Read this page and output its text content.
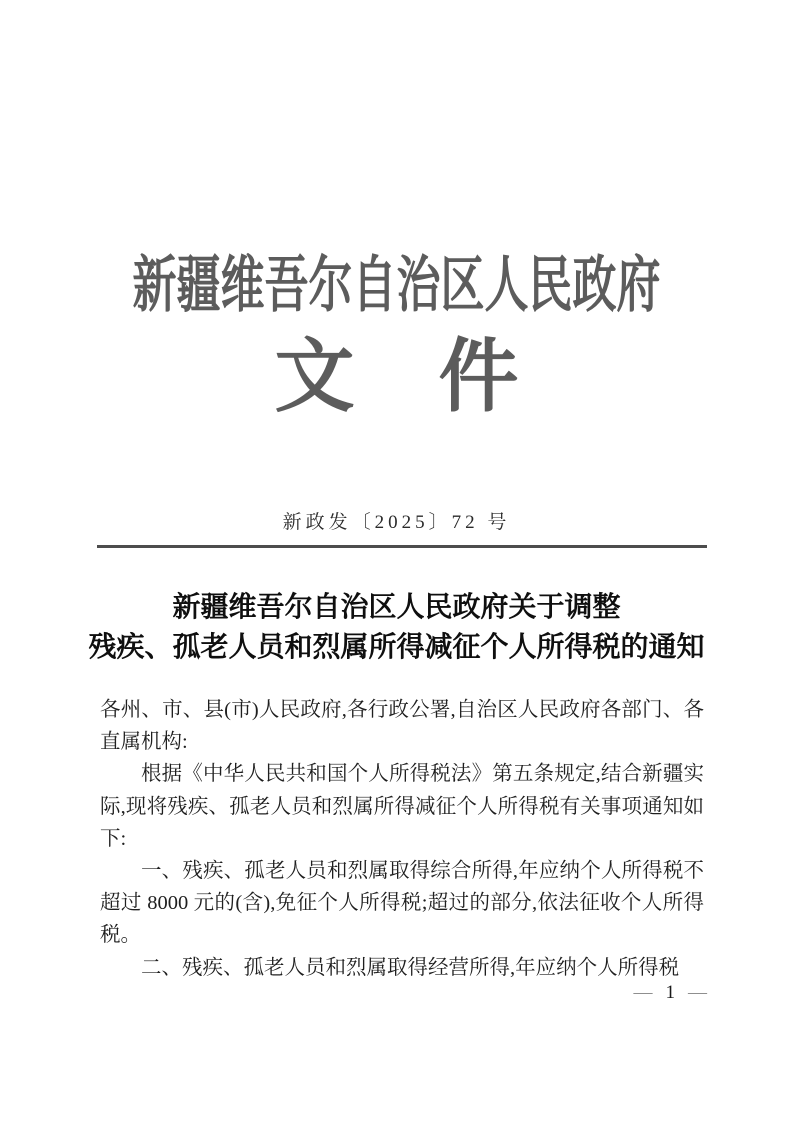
新疆维吾尔自治区人民政府
文 件
新政发〔2025〕72 号
新疆维吾尔自治区人民政府关于调整
残疾、孤老人员和烈属所得减征个人所得税的通知

各州、市、县(市)人民政府,各行政公署,自治区人民政府各部门、各直属机构:

根据《中华人民共和国个人所得税法》第五条规定,结合新疆实际,现将残疾、孤老人员和烈属所得减征个人所得税有关事项通知如下:

一、残疾、孤老人员和烈属取得综合所得,年应纳个人所得税不超过 8000 元的(含),免征个人所得税;超过的部分,依法征收个人所得税。

二、残疾、孤老人员和烈属取得经营所得,年应纳个人所得税

— 1 —
